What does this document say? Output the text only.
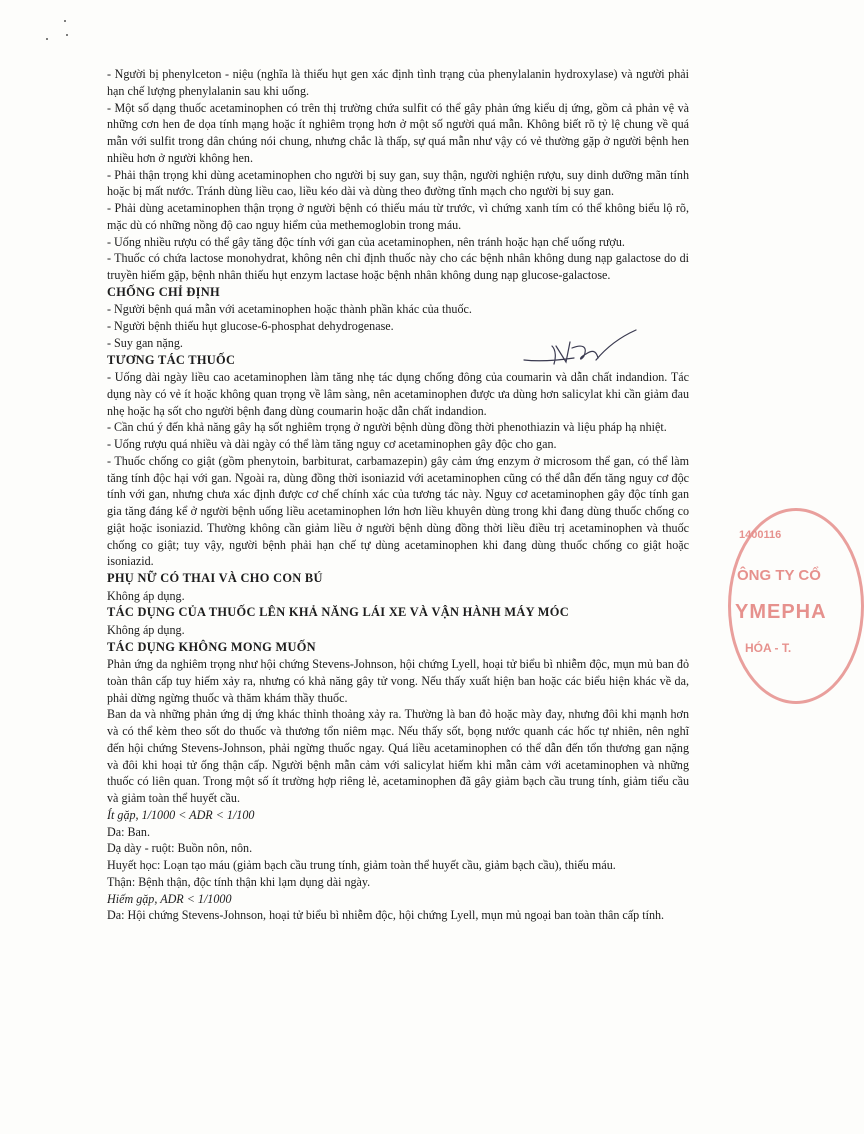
- Người bị phenylceton - niệu (nghĩa là thiếu hụt gen xác định tình trạng của phenylalanin hydroxylase) và người phải hạn chế lượng phenylalanin sau khi uống.

- Một số dạng thuốc acetaminophen có trên thị trường chứa sulfit có thể gây phản ứng kiểu dị ứng, gồm cả phản vệ và những cơn hen đe dọa tính mạng hoặc ít nghiêm trọng hơn ở một số người quá mẫn. Không biết rõ tỷ lệ chung về quá mẫn với sulfit trong dân chúng nói chung, nhưng chắc là thấp, sự quá mẫn như vậy có vẻ thường gặp ở người bệnh hen nhiều hơn ở người không hen.

- Phải thận trọng khi dùng acetaminophen cho người bị suy gan, suy thận, người nghiện rượu, suy dinh dưỡng mãn tính hoặc bị mất nước. Tránh dùng liều cao, liều kéo dài và dùng theo đường tĩnh mạch cho người bị suy gan.

- Phải dùng acetaminophen thận trọng ở người bệnh có thiếu máu từ trước, vì chứng xanh tím có thể không biểu lộ rõ, mặc dù có những nồng độ cao nguy hiểm của methemoglobin trong máu.

- Uống nhiều rượu có thể gây tăng độc tính với gan của acetaminophen, nên tránh hoặc hạn chế uống rượu.

- Thuốc có chứa lactose monohydrat, không nên chỉ định thuốc này cho các bệnh nhân không dung nạp galactose do di truyền hiếm gặp, bệnh nhân thiếu hụt enzym lactase hoặc bệnh nhân không dung nạp glucose-galactose.

CHỐNG CHỈ ĐỊNH

- Người bệnh quá mẫn với acetaminophen hoặc thành phần khác của thuốc.

- Người bệnh thiếu hụt glucose-6-phosphat dehydrogenase.

- Suy gan nặng.

TƯƠNG TÁC THUỐC

- Uống dài ngày liều cao acetaminophen làm tăng nhẹ tác dụng chống đông của coumarin và dẫn chất indandion. Tác dụng này có vẻ ít hoặc không quan trọng về lâm sàng, nên acetaminophen được ưa dùng hơn salicylat khi cần giảm đau nhẹ hoặc hạ sốt cho người bệnh đang dùng coumarin hoặc dẫn chất indandion.

- Cần chú ý đến khả năng gây hạ sốt nghiêm trọng ở người bệnh dùng đồng thời phenothiazin và liệu pháp hạ nhiệt.

- Uống rượu quá nhiều và dài ngày có thể làm tăng nguy cơ acetaminophen gây độc cho gan.

- Thuốc chống co giật (gồm phenytoin, barbiturat, carbamazepin) gây cảm ứng enzym ở microsom thể gan, có thể làm tăng tính độc hại với gan. Ngoài ra, dùng đồng thời isoniazid với acetaminophen cũng có thể dẫn đến tăng nguy cơ độc tính với gan, nhưng chưa xác định được cơ chế chính xác của tương tác này. Nguy cơ acetaminophen gây độc tính gan gia tăng đáng kể ở người bệnh uống liều acetaminophen lớn hơn liều khuyên dùng trong khi đang dùng thuốc chống co giật hoặc isoniazid. Thường không cần giảm liều ở người bệnh dùng đồng thời liều điều trị acetaminophen và thuốc chống co giật; tuy vậy, người bệnh phải hạn chế tự dùng acetaminophen khi đang dùng thuốc chống co giật hoặc isoniazid.

PHỤ NỮ CÓ THAI VÀ CHO CON BÚ

Không áp dụng.

TÁC DỤNG CỦA THUỐC LÊN KHẢ NĂNG LÁI XE VÀ VẬN HÀNH MÁY MÓC

Không áp dụng.

TÁC DỤNG KHÔNG MONG MUỐN

Phản ứng da nghiêm trọng như hội chứng Stevens-Johnson, hội chứng Lyell, hoại tử biểu bì nhiễm độc, mụn mủ ban đỏ toàn thân cấp tuy hiếm xảy ra, nhưng có khả năng gây tử vong. Nếu thấy xuất hiện ban hoặc các biểu hiện khác về da, phải dừng ngừng thuốc và thăm khám thầy thuốc.

Ban da và những phản ứng dị ứng khác thỉnh thoảng xảy ra. Thường là ban đỏ hoặc mày đay, nhưng đôi khi mạnh hơn và có thể kèm theo sốt do thuốc và thương tổn niêm mạc. Nếu thấy sốt, bọng nước quanh các hốc tự nhiên, nên nghĩ đến hội chứng Stevens-Johnson, phải ngừng thuốc ngay. Quá liều acetaminophen có thể dẫn đến tổn thương gan nặng và đôi khi hoại tử ống thận cấp. Người bệnh mẫn cảm với salicylat hiếm khi mẫn cảm với acetaminophen và những thuốc có liên quan. Trong một số ít trường hợp riêng lẻ, acetaminophen đã gây giảm bạch cầu trung tính, giảm tiểu cầu và giảm toàn thể huyết cầu.

Ít gặp, 1/1000 < ADR < 1/100

Da: Ban.

Dạ dày - ruột: Buồn nôn, nôn.

Huyết học: Loạn tạo máu (giảm bạch cầu trung tính, giảm toàn thể huyết cầu, giảm bạch cầu), thiếu máu.

Thận: Bệnh thận, độc tính thận khi lạm dụng dài ngày.

Hiếm gặp, ADR < 1/1000

Da: Hội chứng Stevens-Johnson, hoại tử biểu bì nhiễm độc, hội chứng Lyell, mụn mủ ngoại ban toàn thân cấp tính.

1400116
ÔNG TY CỔ
YMEPHA
HÓA - T.
